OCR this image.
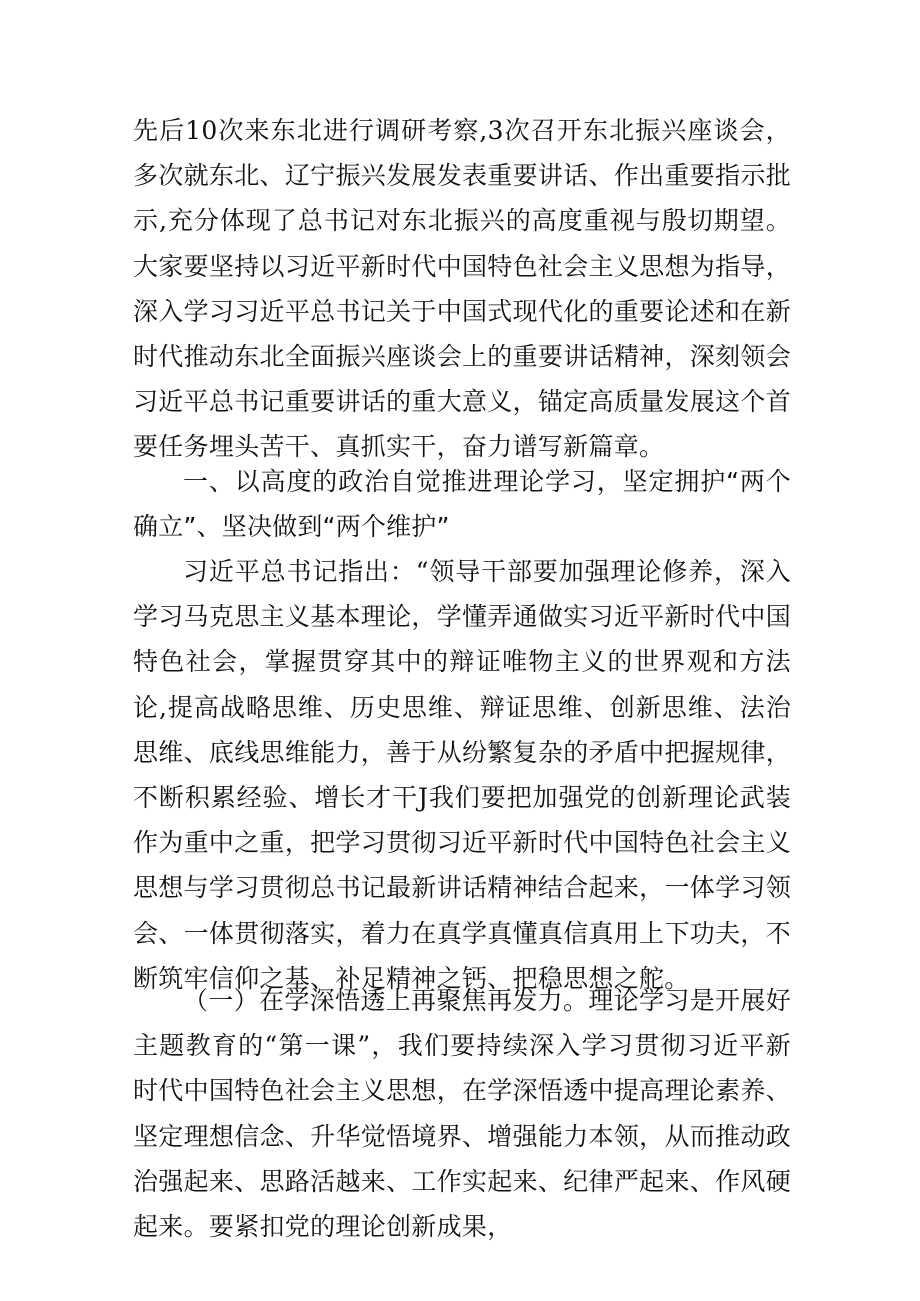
先后10次来东北进行调研考察,3次召开东北振兴座谈会，多次就东北、辽宁振兴发展发表重要讲话、作出重要指示批示,充分体现了总书记对东北振兴的高度重视与殷切期望。大家要坚持以习近平新时代中国特色社会主义思想为指导，深入学习习近平总书记关于中国式现代化的重要论述和在新时代推动东北全面振兴座谈会上的重要讲话精神，深刻领会习近平总书记重要讲话的重大意义，锚定高质量发展这个首要任务埋头苦干、真抓实干，奋力谱写新篇章。

一、以高度的政治自觉推进理论学习，坚定拥护“两个确立”、坚决做到“两个维护”

习近平总书记指出：“领导干部要加强理论修养，深入学习马克思主义基本理论，学懂弄通做实习近平新时代中国特色社会，掌握贯穿其中的辩证唯物主义的世界观和方法论,提高战略思维、历史思维、辩证思维、创新思维、法治思维、底线思维能力，善于从纷繁复杂的矛盾中把握规律，不断积累经验、增长才干J我们要把加强党的创新理论武装作为重中之重，把学习贯彻习近平新时代中国特色社会主义思想与学习贯彻总书记最新讲话精神结合起来，一体学习领会、一体贯彻落实，着力在真学真懂真信真用上下功夫，不断筑牢信仰之基、补足精神之钙、把稳思想之舵。

（一）在学深悟透上再聚焦再发力。理论学习是开展好主题教育的“第一课”，我们要持续深入学习贯彻习近平新时代中国特色社会主义思想，在学深悟透中提高理论素养、坚定理想信念、升华觉悟境界、增强能力本领，从而推动政治强起来、思路活越来、工作实起来、纪律严起来、作风硬起来。要紧扣党的理论创新成果，
